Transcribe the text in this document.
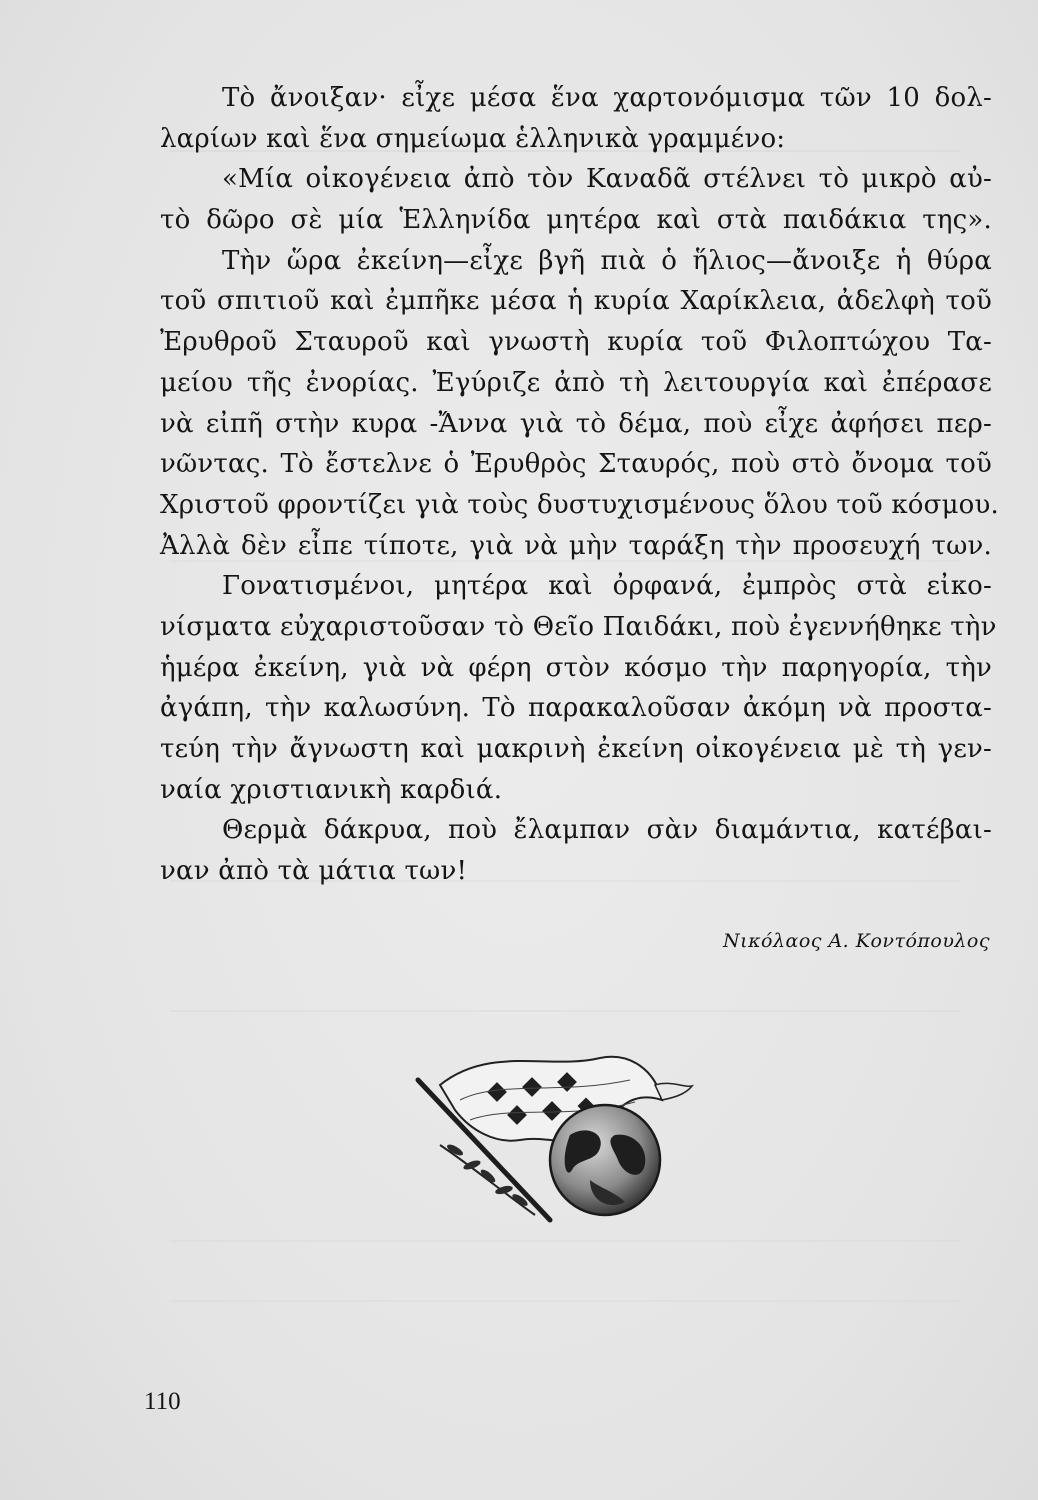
Τὸ ἄνοιξαν· εἶχε μέσα ἕνα χαρτονόμισμα τῶν 10 δολ-
λαρίων καὶ ἕνα σημείωμα ἑλληνικὰ γραμμένο:
«Μία οἰκογένεια ἀπὸ τὸν Καναδᾶ στέλνει τὸ μικρὸ αὐ-
τὸ δῶρο σὲ μία Ἑλληνίδα μητέρα καὶ στὰ παιδάκια της».
Τὴν ὥρα ἐκείνη—εἶχε βγῆ πιὰ ὁ ἥλιος—ἄνοιξε ἡ θύρα
τοῦ σπιτιοῦ καὶ ἐμπῆκε μέσα ἡ κυρία Χαρίκλεια, ἀδελφὴ τοῦ
Ἐρυθροῦ Σταυροῦ καὶ γνωστὴ κυρία τοῦ Φιλοπτώχου Τα-
μείου τῆς ἐνορίας. Ἐγύριζε ἀπὸ τὴ λειτουργία καὶ ἐπέρασε
νὰ εἰπῆ στὴν κυρα -Ἄννα γιὰ τὸ δέμα, ποὺ εἶχε ἀφήσει περ-
νῶντας. Τὸ ἔστελνε ὁ Ἐρυθρὸς Σταυρός, ποὺ στὸ ὄνομα τοῦ
Χριστοῦ φροντίζει γιὰ τοὺς δυστυχισμένους ὅλου τοῦ κόσμου.
Ἀλλὰ δὲν εἶπε τίποτε, γιὰ νὰ μὴν ταράξη τὴν προσευχή των.
Γονατισμένοι, μητέρα καὶ ὀρφανά, ἐμπρὸς στὰ εἰκο-
νίσματα εὐχαριστοῦσαν τὸ Θεῖο Παιδάκι, ποὺ ἐγεννήθηκε τὴν
ἡμέρα ἐκείνη, γιὰ νὰ φέρη στὸν κόσμο τὴν παρηγορία, τὴν
ἀγάπη, τὴν καλωσύνη. Τὸ παρακαλοῦσαν ἀκόμη νὰ προστα-
τεύη τὴν ἄγνωστη καὶ μακρινὴ ἐκείνη οἰκογένεια μὲ τὴ γεν-
ναία χριστιανικὴ καρδιά.
Θερμὰ δάκρυα, ποὺ ἔλαμπαν σὰν διαμάντια, κατέβαι-
ναν ἀπὸ τὰ μάτια των!
Νικόλαος Α. Κοντόπουλος
110
